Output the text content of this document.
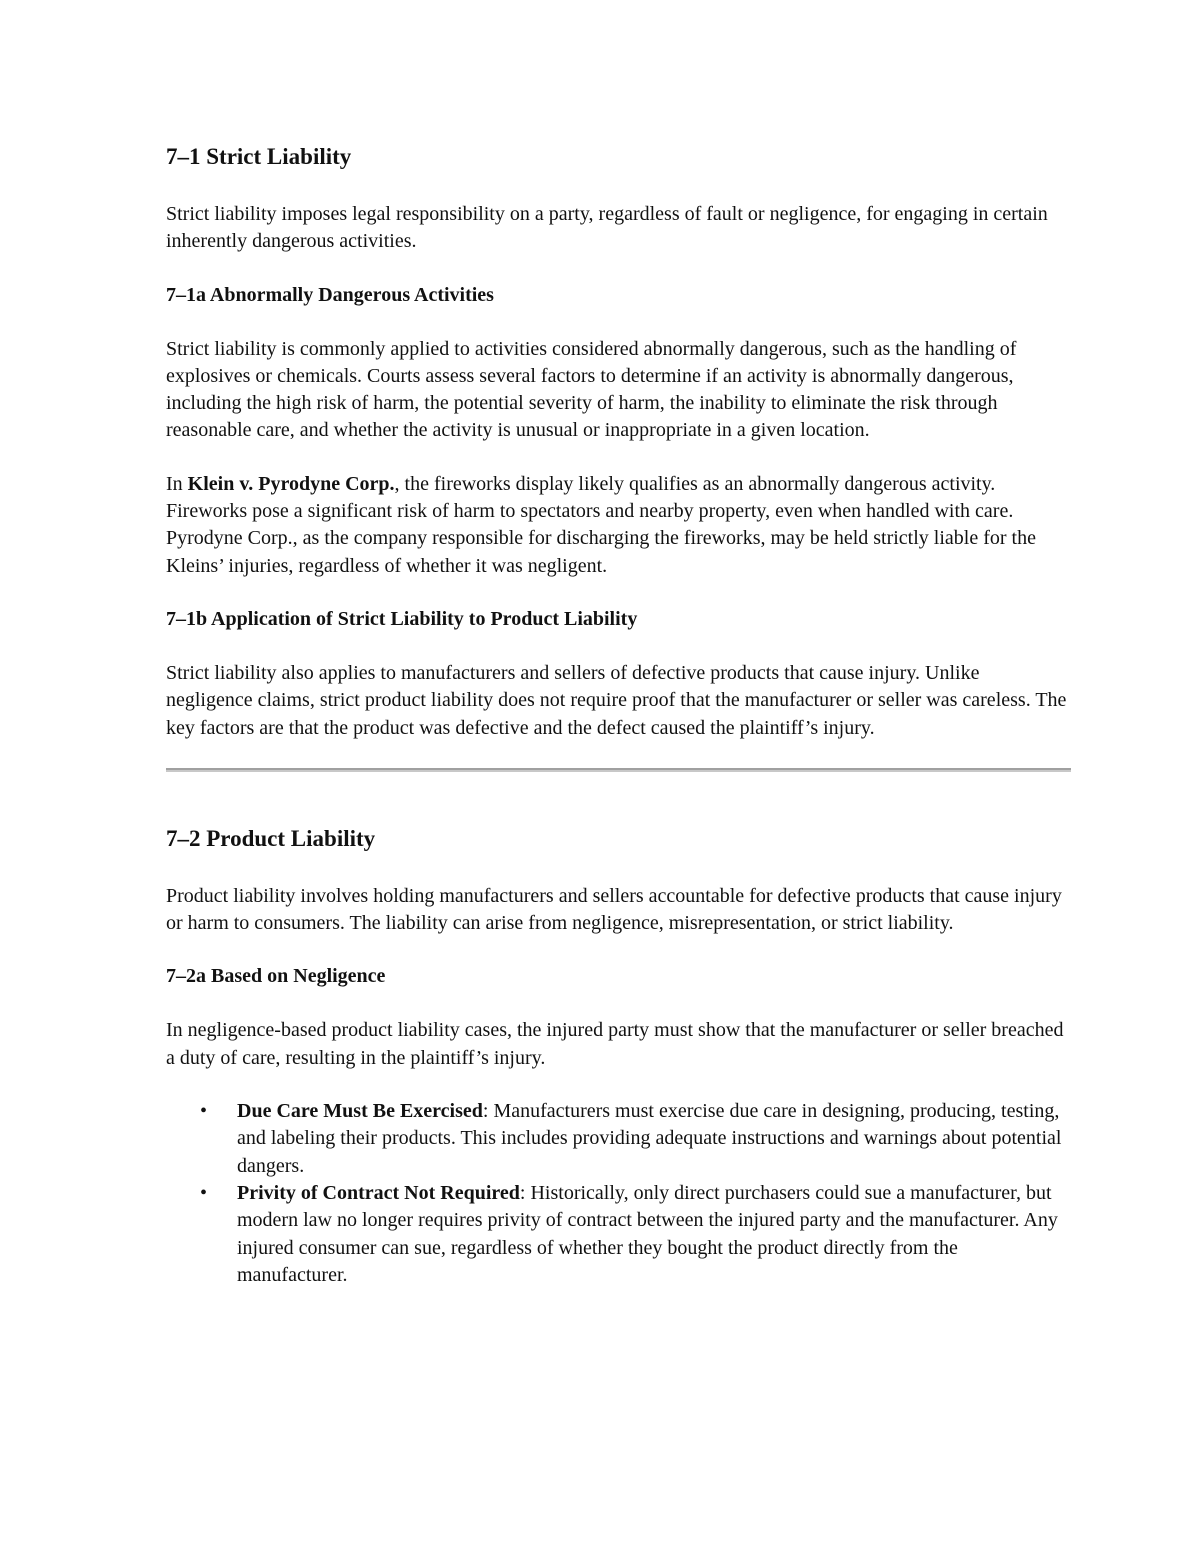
7–1 Strict Liability
Strict liability imposes legal responsibility on a party, regardless of fault or negligence, for engaging in certain inherently dangerous activities.
7–1a Abnormally Dangerous Activities
Strict liability is commonly applied to activities considered abnormally dangerous, such as the handling of explosives or chemicals. Courts assess several factors to determine if an activity is abnormally dangerous, including the high risk of harm, the potential severity of harm, the inability to eliminate the risk through reasonable care, and whether the activity is unusual or inappropriate in a given location.
In Klein v. Pyrodyne Corp., the fireworks display likely qualifies as an abnormally dangerous activity. Fireworks pose a significant risk of harm to spectators and nearby property, even when handled with care. Pyrodyne Corp., as the company responsible for discharging the fireworks, may be held strictly liable for the Kleins’ injuries, regardless of whether it was negligent.
7–1b Application of Strict Liability to Product Liability
Strict liability also applies to manufacturers and sellers of defective products that cause injury. Unlike negligence claims, strict product liability does not require proof that the manufacturer or seller was careless. The key factors are that the product was defective and the defect caused the plaintiff’s injury.
7–2 Product Liability
Product liability involves holding manufacturers and sellers accountable for defective products that cause injury or harm to consumers. The liability can arise from negligence, misrepresentation, or strict liability.
7–2a Based on Negligence
In negligence-based product liability cases, the injured party must show that the manufacturer or seller breached a duty of care, resulting in the plaintiff’s injury.
• Due Care Must Be Exercised: Manufacturers must exercise due care in designing, producing, testing, and labeling their products. This includes providing adequate instructions and warnings about potential dangers.
• Privity of Contract Not Required: Historically, only direct purchasers could sue a manufacturer, but modern law no longer requires privity of contract between the injured party and the manufacturer. Any injured consumer can sue, regardless of whether they bought the product directly from the manufacturer.
